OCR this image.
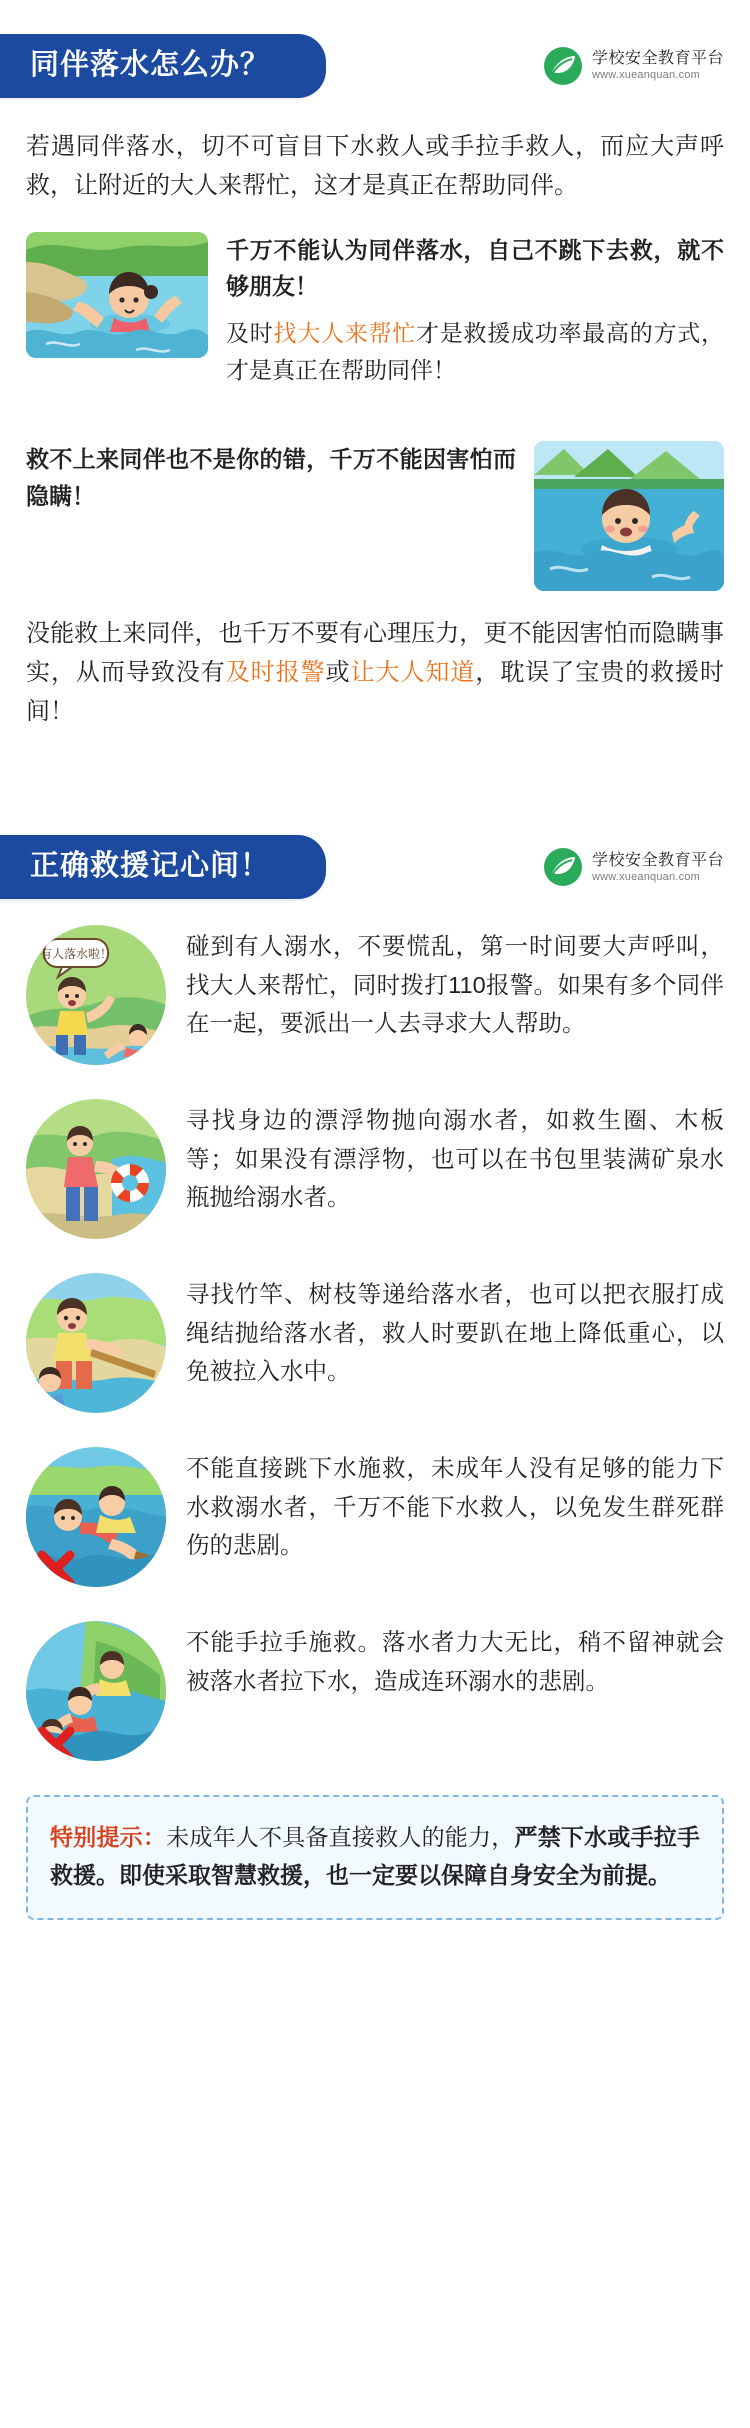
同伴落水怎么办？	学校安全教育平台
www.xueanquan.com

若遇同伴落水，切不可盲目下水救人或手拉手救人，而应大声呼救，让附近的大人来帮忙，这才是真正在帮助同伴。

千万不能认为同伴落水，自己不跳下去救，就不够朋友！
及时找大人来帮忙才是救援成功率最高的方式，才是真正在帮助同伴！
救不上来同伴也不是你的错，千万不能因害怕而隐瞒！

没能救上来同伴，也千万不要有心理压力，更不能因害怕而隐瞒事实，从而导致没有及时报警或让大人知道，耽误了宝贵的救援时间！

正确救援记心间！	学校安全教育平台
www.xueanquan.com
有人落水啦！	碰到有人溺水，不要慌乱，第一时间要大声呼叫，找大人来帮忙，同时拨打110报警。如果有多个同伴在一起，要派出一人去寻求大人帮助。
寻找身边的漂浮物抛向溺水者，如救生圈、木板等；如果没有漂浮物，也可以在书包里装满矿泉水瓶抛给溺水者。
寻找竹竿、树枝等递给落水者，也可以把衣服打成绳结抛给落水者，救人时要趴在地上降低重心，以免被拉入水中。
不能直接跳下水施救，未成年人没有足够的能力下水救溺水者，千万不能下水救人，以免发生群死群伤的悲剧。
不能手拉手施救。落水者力大无比，稍不留神就会被落水者拉下水，造成连环溺水的悲剧。
特别提示：未成年人不具备直接救人的能力，严禁下水或手拉手救援。即使采取智慧救援，也一定要以保障自身安全为前提。
